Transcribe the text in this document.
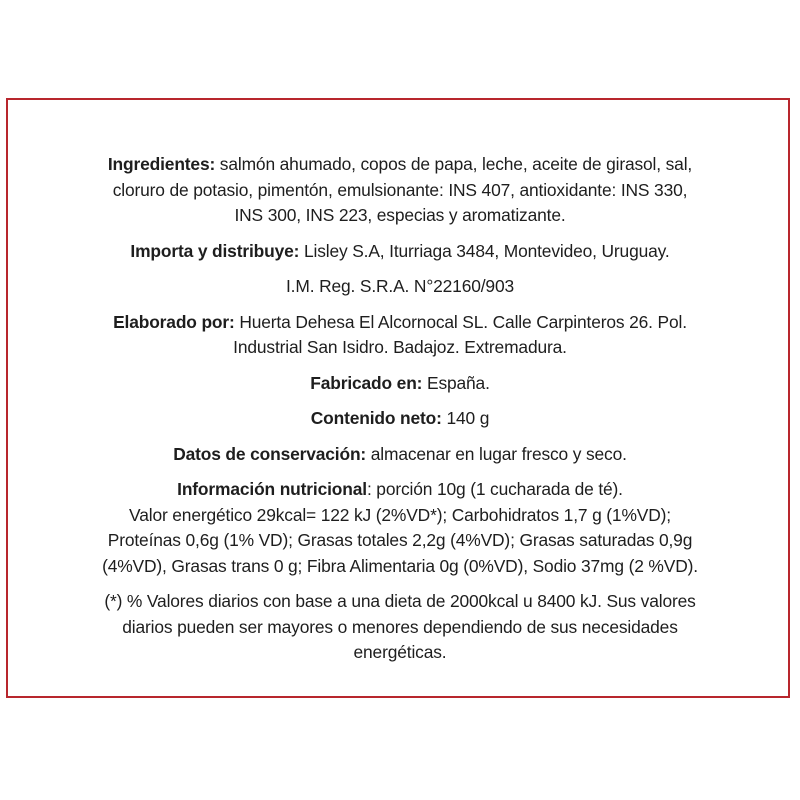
Ingredientes: salmón ahumado, copos de papa, leche, aceite de girasol, sal,
cloruro de potasio, pimentón, emulsionante: INS 407, antioxidante: INS 330,
INS 300, INS 223, especias y aromatizante.

Importa y distribuye: Lisley S.A, Iturriaga 3484, Montevideo, Uruguay.

I.M. Reg. S.R.A. N°22160/903

Elaborado por: Huerta Dehesa El Alcornocal SL. Calle Carpinteros 26. Pol.
Industrial San Isidro. Badajoz. Extremadura.

Fabricado en: España.

Contenido neto: 140 g

Datos de conservación: almacenar en lugar fresco y seco.

Información nutricional: porción 10g (1 cucharada de té).
Valor energético 29kcal= 122 kJ (2%VD*); Carbohidratos 1,7 g (1%VD);
Proteínas 0,6g (1% VD); Grasas totales 2,2g (4%VD); Grasas saturadas 0,9g
(4%VD), Grasas trans 0 g; Fibra Alimentaria 0g (0%VD), Sodio 37mg (2 %VD).

(*) % Valores diarios con base a una dieta de 2000kcal u 8400 kJ. Sus valores
diarios pueden ser mayores o menores dependiendo de sus necesidades
energéticas.
